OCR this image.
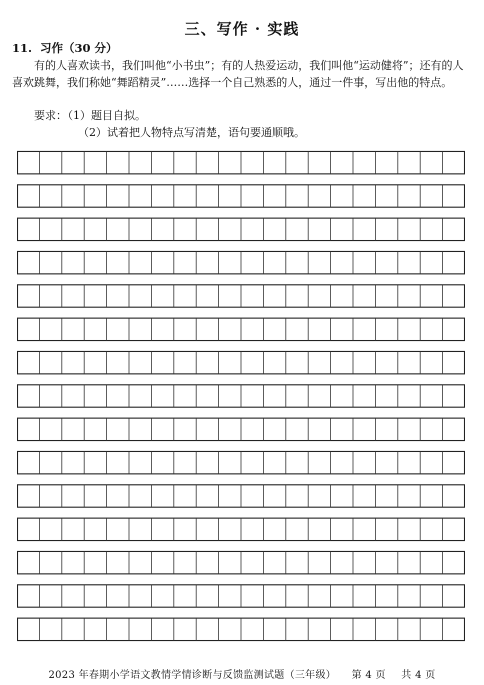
三、写作 · 实践
11. 习作（30 分）
有的人喜欢读书，我们叫他“小书虫”；有的人热爱运动，我们叫他“运动健将”；还有的人喜欢跳舞，我们称她“舞蹈精灵”……选择一个自己熟悉的人，通过一件事，写出他的特点。
要求：
（1）题目自拟。
（2）试着把人物特点写清楚，语句要通顺哦。
2023 年春期小学语文教情学情诊断与反馈监测试题（三年级） 第 4 页 共 4 页
